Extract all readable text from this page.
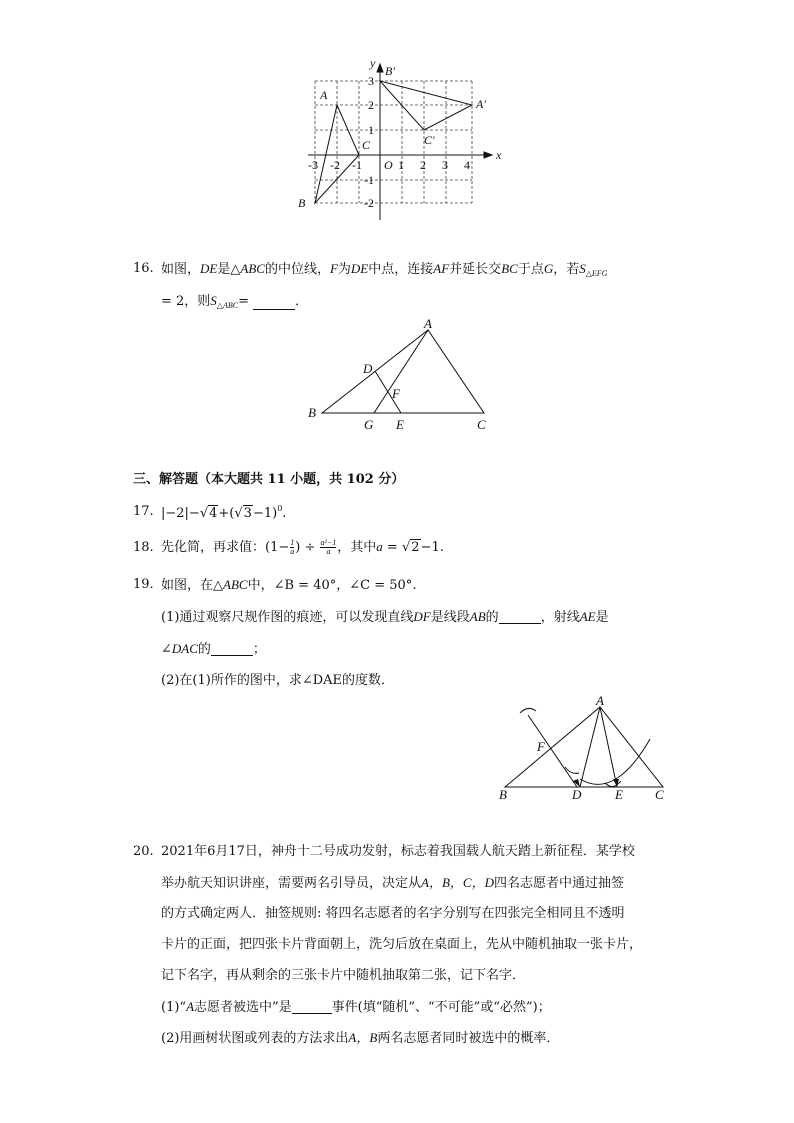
x
y
O
-3 -2 -1	1 2 3 4
3
2
1
-1
-2
A
B
C
A′
B′
C′
16. 如图，DE是△ABC的中位线，F为DE中点，连接AF并延长交BC于点G，若$S_{\triangle EFG}$
= 2，则$S_{\triangle ABC}=$	．
A
B
C
D
E
F
G
三、解答题（本大题共 11 小题，共 102 分）
17. $|-2|-√4+(√3-1)^0$.
18. 先化简，再求值：($1- \frac{1}{a}$ ) ÷ $\frac{\text{a²−1}}{a}$ ，其中a = √2−1.
19. 如图，在△ABC中，∠B = 40°，∠C = 50°.
(1)通过观察尺规作图的痕迹，可以发现直线DF是线段AB的	，射线AE是
∠DAC的	；
(2)在(1)所作的图中，求∠DAE的度数．
A
B	C
D	E
F
20. 2021年6月17日，神舟十二号成功发射，标志着我国载人航天踏上新征程．某学校
举办航天知识讲座，需要两名引导员，决定从A，B，C，D四名志愿者中通过抽签
的方式确定两人．抽签规则: 将四名志愿者的名字分别写在四张完全相同且不透明
卡片的正面，把四张卡片背面朝上，洗匀后放在桌面上，先从中随机抽取一张卡片，
记下名字，再从剩余的三张卡片中随机抽取第二张，记下名字．
(1)“A志愿者被选中”是	事件(填“随机”、“不可能”或“必然”)；
(2)用画树状图或列表的方法求出A，B两名志愿者同时被选中的概率．
